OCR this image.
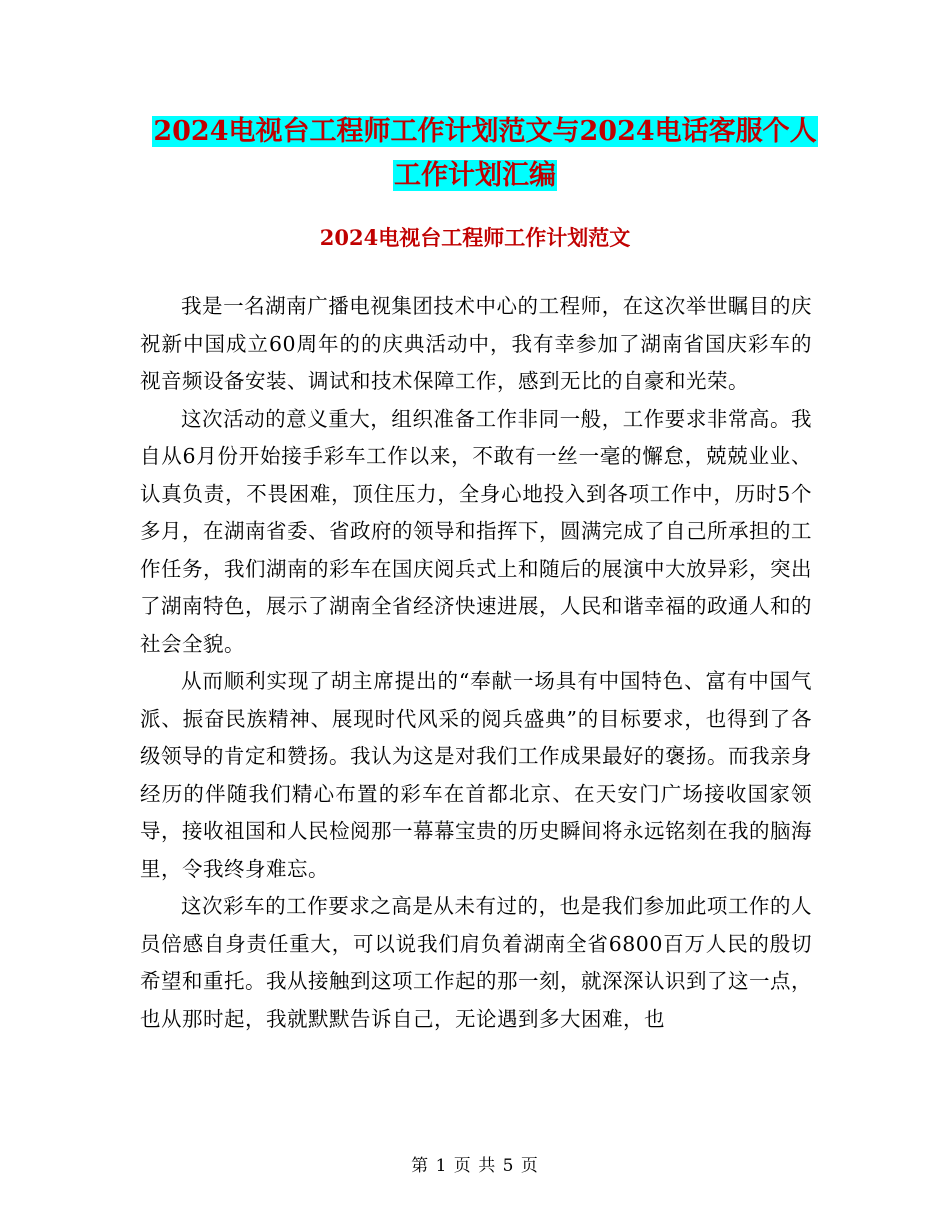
2024电视台工程师工作计划范文与2024电话客服个人
工作计划汇编
2024电视台工程师工作计划范文

我是一名湖南广播电视集团技术中心的工程师，在这次举世瞩目的庆祝新中国成立60周年的的庆典活动中，我有幸参加了湖南省国庆彩车的视音频设备安装、调试和技术保障工作，感到无比的自豪和光荣。

这次活动的意义重大，组织准备工作非同一般，工作要求非常高。我自从6月份开始接手彩车工作以来，不敢有一丝一毫的懈怠，兢兢业业、认真负责，不畏困难，顶住压力，全身心地投入到各项工作中，历时5个多月，在湖南省委、省政府的领导和指挥下，圆满完成了自己所承担的工作任务，我们湖南的彩车在国庆阅兵式上和随后的展演中大放异彩，突出了湖南特色，展示了湖南全省经济快速进展，人民和谐幸福的政通人和的社会全貌。

从而顺利实现了胡主席提出的“奉献一场具有中国特色、富有中国气派、振奋民族精神、展现时代风采的阅兵盛典”的目标要求，也得到了各级领导的肯定和赞扬。我认为这是对我们工作成果最好的褒扬。而我亲身经历的伴随我们精心布置的彩车在首都北京、在天安门广场接收国家领导，接收祖国和人民检阅那一幕幕宝贵的历史瞬间将永远铭刻在我的脑海里，令我终身难忘。

这次彩车的工作要求之高是从未有过的，也是我们参加此项工作的人员倍感自身责任重大，可以说我们肩负着湖南全省6800百万人民的殷切希望和重托。我从接触到这项工作起的那一刻，就深深认识到了这一点，也从那时起，我就默默告诉自己，无论遇到多大困难，也

第 1 页 共 5 页
